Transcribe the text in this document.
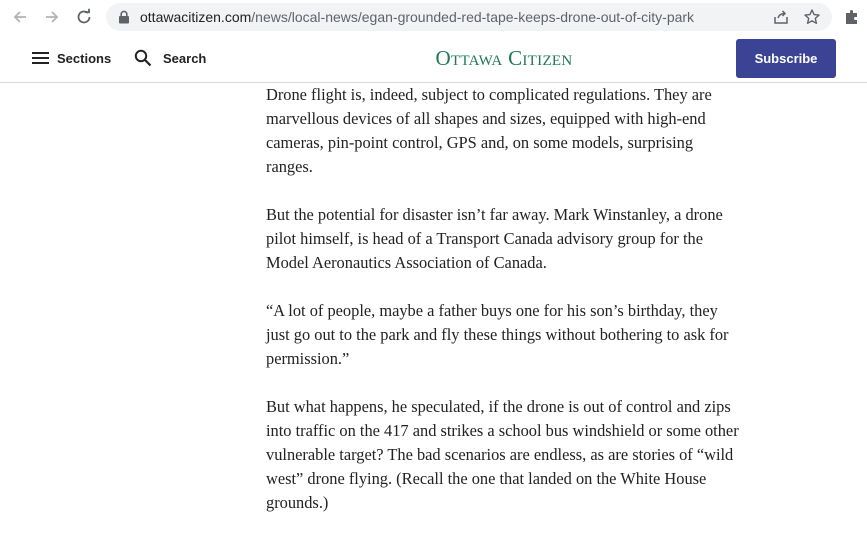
ottawacitizen.com/news/local-news/egan-grounded-red-tape-keeps-drone-out-of-city-park
Sections	Search	Ottawa Citizen	Subscribe

Drone flight is, indeed, subject to complicated regulations. They are marvellous devices of all shapes and sizes, equipped with high-end cameras, pin-point control, GPS and, on some models, surprising ranges.

But the potential for disaster isn’t far away. Mark Winstanley, a drone pilot himself, is head of a Transport Canada advisory group for the Model Aeronautics Association of Canada.

“A lot of people, maybe a father buys one for his son’s birthday, they just go out to the park and fly these things without bothering to ask for permission.”

But what happens, he speculated, if the drone is out of control and zips into traffic on the 417 and strikes a school bus windshield or some other vulnerable target? The bad scenarios are endless, as are stories of “wild west” drone flying. (Recall the one that landed on the White House grounds.)
